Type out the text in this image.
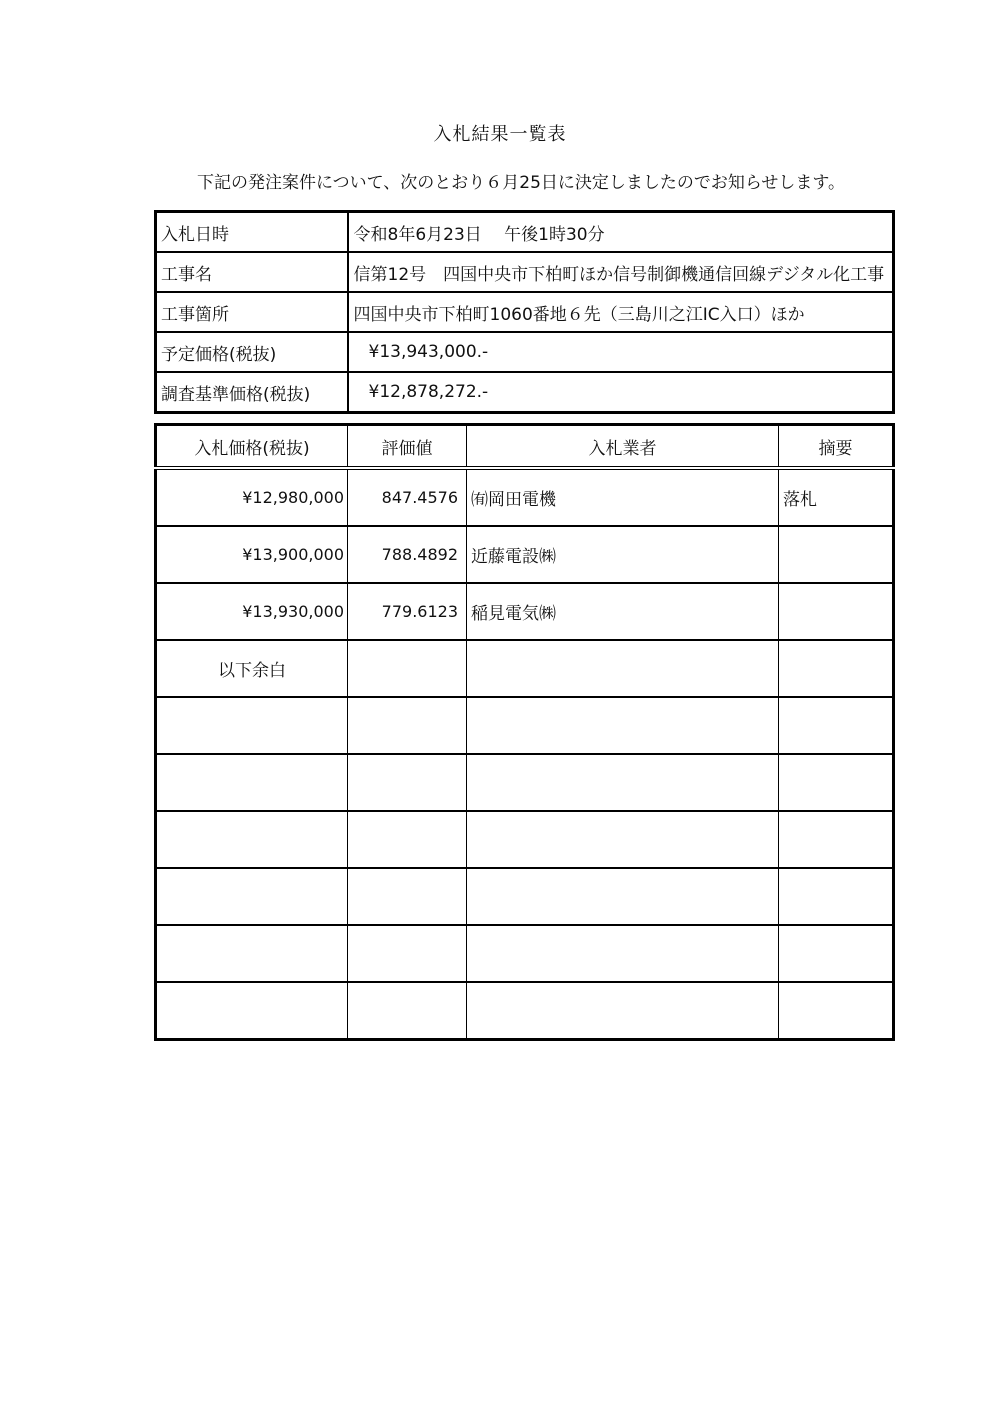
入札結果一覧表
下記の発注案件について、次のとおり６月25日に決定しましたのでお知らせします。
入札日時	令和8年6月23日　 午後1時30分
工事名	信第12号　四国中央市下柏町ほか信号制御機通信回線デジタル化工事
工事箇所	四国中央市下柏町1060番地６先（三島川之江IC入口）ほか
予定価格(税抜)	¥13,943,000.-
調査基準価格(税抜)	¥12,878,272.-
入札価格(税抜)	評価値	入札業者	摘要
¥12,980,000	847.4576	㈲岡田電機	落札
¥13,900,000	788.4892	近藤電設㈱	
¥13,930,000	779.6123	稲見電気㈱	
以下余白			
